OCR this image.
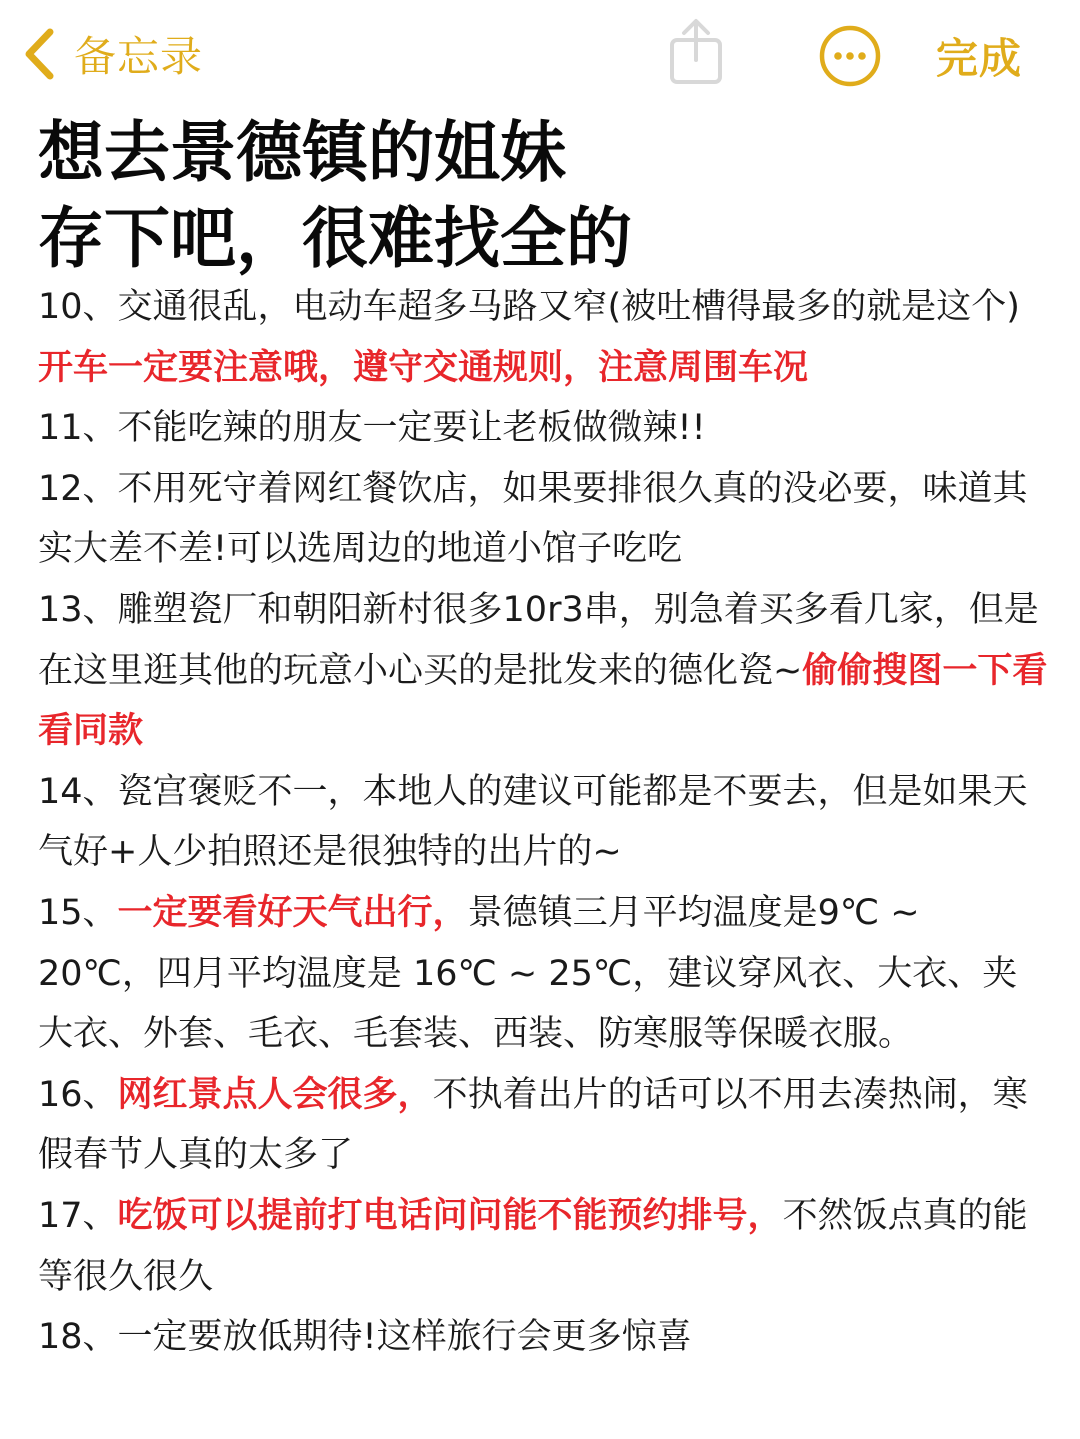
备忘录	完成
想去景德镇的姐妹
存下吧，很难找全的

10、交通很乱，电动车超多马路又窄(被吐槽得最多的就是这个)开车一定要注意哦，遵守交通规则，注意周围车况

11、不能吃辣的朋友一定要让老板做微辣!!

12、不用死守着网红餐饮店，如果要排很久真的没必要，味道其实大差不差!可以选周边的地道小馆子吃吃

13、雕塑瓷厂和朝阳新村很多10r3串，别急着买多看几家，但是在这里逛其他的玩意小心买的是批发来的德化瓷~偷偷搜图一下看看同款

14、瓷宫褒贬不一，本地人的建议可能都是不要去，但是如果天气好+人少拍照还是很独特的出片的~

15、一定要看好天气出行，景德镇三月平均温度是9℃ ~ 20℃，四月平均温度是 16℃ ~ 25℃，建议穿风衣、大衣、夹大衣、外套、毛衣、毛套装、西装、防寒服等保暖衣服。

16、网红景点人会很多，不执着出片的话可以不用去凑热闹，寒假春节人真的太多了

17、吃饭可以提前打电话问问能不能预约排号，不然饭点真的能等很久很久

18、一定要放低期待!这样旅行会更多惊喜
